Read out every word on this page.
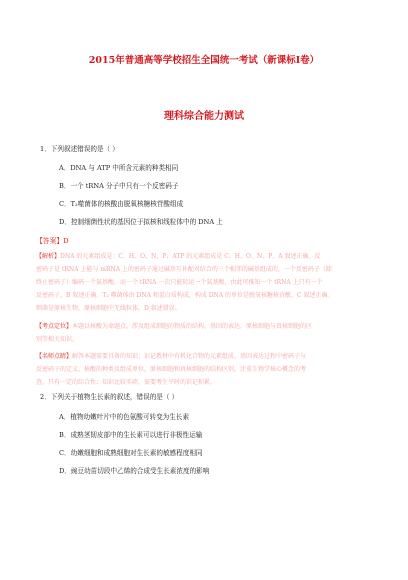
2015年普通高等学校招生全国统一考试（新课标Ⅰ卷）
理科综合能力测试
1．下列叙述错误的是（ ）
A．DNA 与 ATP 中所含元素的种类相同
B．一个 tRNA 分子中只有一个反密码子
C．T₂噬菌体的核酸由脱氧核糖核苷酸组成
D．控制细菌性状的基因位于拟核和线粒体中的 DNA 上
【答案】D
【解析】DNA 的元素组成是：C、H、O、N、P；ATP 的元素组成是 C、H、O、N、P，A 叙述正确。反
密码子是 tRNA 上能与 mRNA 上的密码子通过碱基互补配对结合的三个相邻的碱基组成的，一个反密码子（除
终止密码子）编码一个氨基酸，而一个 tRNA 一次只能转运一个氨基酸，由此可推知一个 tRNA 上只有一个
反密码子，B 叙述正确。T₂ 噬菌体由 DNA 和蛋白质构成，构成 DNA 的单位是脱氧核糖核苷酸，C 叙述正确。
细菌是原核生物，原核细胞中无线粒体，D 叙述错误。
【考点定位】本题以核酸为命题点，涉及组成细胞的物质的结构、基因的表达、原核细胞与真核细胞的区
别等相关知识。
【名师点睛】解答本题需要具备的知识：识记教材中有机化合物的元素组成、基因表达过程中密码子与
反密码子的定义、核酸的种类及组成单位，原核细胞和真核细胞的结构区别，注重生物学核心概念的考
查，只有一定的综合性；知识比较零碎，需要考生平时的识记积累。
2．下列关于植物生长素的叙述，错误的是（ ）
A．植物幼嫩叶片中的色氨酸可转变为生长素
B．成熟茎韧皮部中的生长素可以进行非极性运输
C．幼嫩细胞和成熟细胞对生长素的敏感程度相同
D．豌豆幼苗切段中乙烯的合成受生长素浓度的影响
